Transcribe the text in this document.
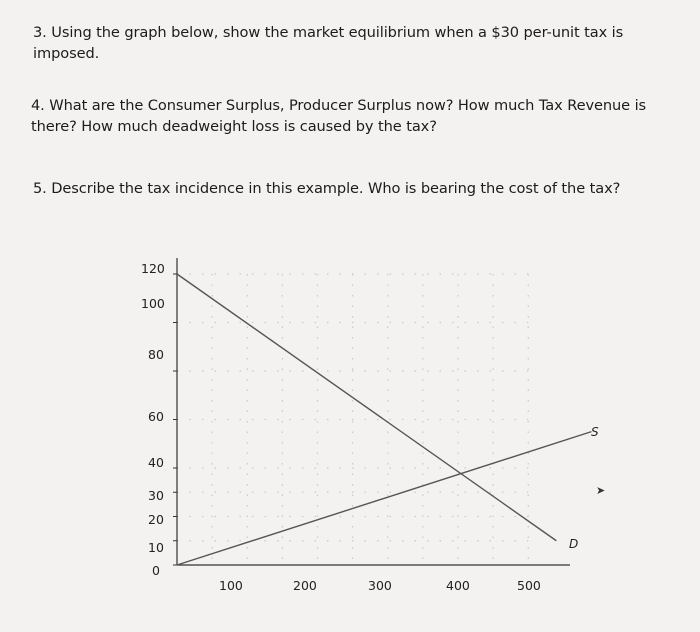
3. Using the graph below, show the market equilibrium when a $30 per-unit tax is imposed.

4. What are the Consumer Surplus, Producer Surplus now? How much Tax Revenue is there? How much deadweight loss is caused by the tax?

5. Describe the tax incidence in this example. Who is bearing the cost of the tax?

120
100
80
60
40
30
20
10
0
100	200	300	400	500
S
D
➤
